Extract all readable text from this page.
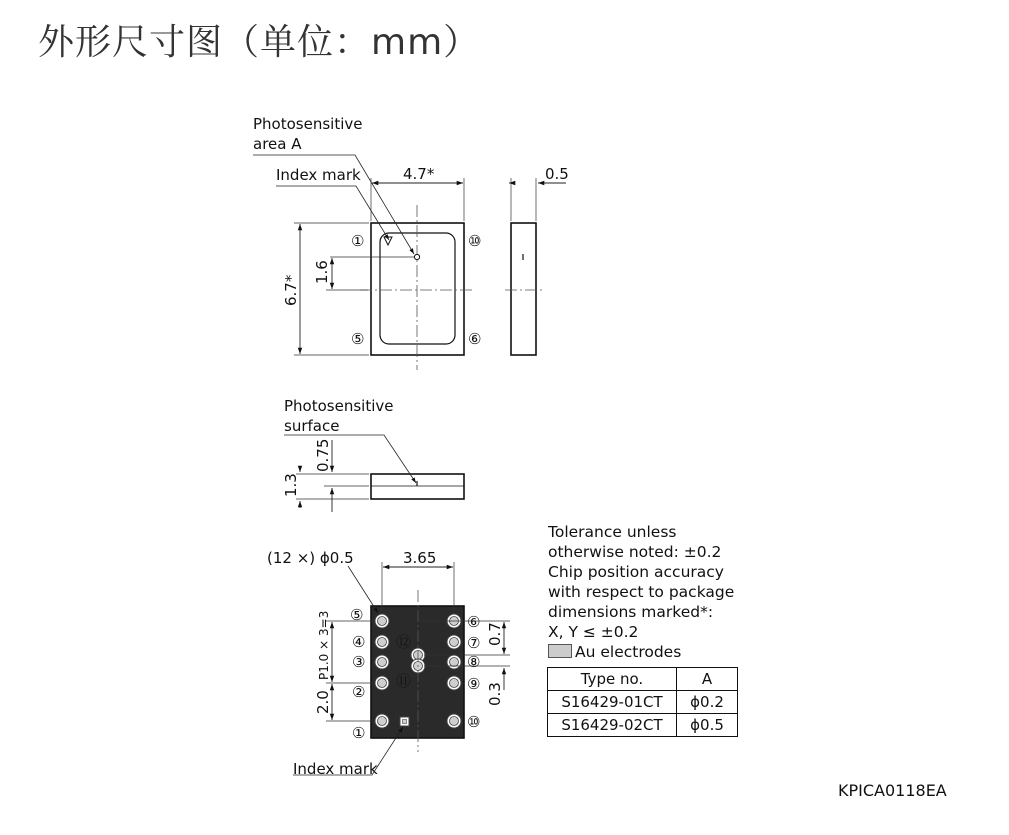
外形尺寸图（单位：mm）
Photosensitive
area A
Index mark	4.7*
6.7*
1.6
①
⑤
⑩
⑥
0.5
Photosensitive
surface
0.75
1.3
(12 ×) ϕ0.5
Index mark
3.65
P1.0 × 3=3
2.0
0.7
0.3
⑤
④
③
②
①
⑥
⑦
⑧
⑨
⑩
⑫
⑪
Tolerance unless
otherwise noted: ±0.2
Chip position accuracy
with respect to package
dimensions marked*:
X, Y ≤ ±0.2
Au electrodes
Type no.	A
S16429-01CT	ϕ0.2
S16429-02CT	ϕ0.5
KPICA0118EA
